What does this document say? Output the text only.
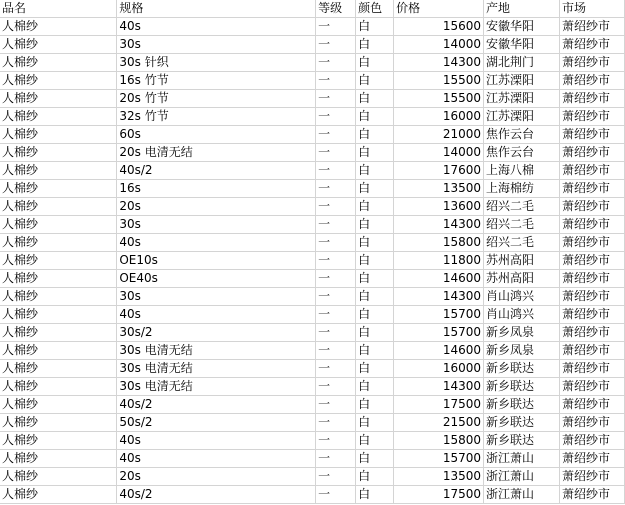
品名	规格	等级	颜色	价格	产地	市场
人棉纱	40s	一	白	15600	安徽华阳	萧绍纱市
人棉纱	30s	一	白	14000	安徽华阳	萧绍纱市
人棉纱	30s 针织	一	白	14300	湖北荆门	萧绍纱市
人棉纱	16s 竹节	一	白	15500	江苏溧阳	萧绍纱市
人棉纱	20s 竹节	一	白	15500	江苏溧阳	萧绍纱市
人棉纱	32s 竹节	一	白	16000	江苏溧阳	萧绍纱市
人棉纱	60s	一	白	21000	焦作云台	萧绍纱市
人棉纱	20s 电清无结	一	白	14000	焦作云台	萧绍纱市
人棉纱	40s/2	一	白	17600	上海八棉	萧绍纱市
人棉纱	16s	一	白	13500	上海棉纺	萧绍纱市
人棉纱	20s	一	白	13600	绍兴二毛	萧绍纱市
人棉纱	30s	一	白	14300	绍兴二毛	萧绍纱市
人棉纱	40s	一	白	15800	绍兴二毛	萧绍纱市
人棉纱	OE10s	一	白	11800	苏州高阳	萧绍纱市
人棉纱	OE40s	一	白	14600	苏州高阳	萧绍纱市
人棉纱	30s	一	白	14300	肖山鸿兴	萧绍纱市
人棉纱	40s	一	白	15700	肖山鸿兴	萧绍纱市
人棉纱	30s/2	一	白	15700	新乡凤泉	萧绍纱市
人棉纱	30s 电清无结	一	白	14600	新乡凤泉	萧绍纱市
人棉纱	30s 电清无结	一	白	16000	新乡联达	萧绍纱市
人棉纱	30s 电清无结	一	白	14300	新乡联达	萧绍纱市
人棉纱	40s/2	一	白	17500	新乡联达	萧绍纱市
人棉纱	50s/2	一	白	21500	新乡联达	萧绍纱市
人棉纱	40s	一	白	15800	新乡联达	萧绍纱市
人棉纱	40s	一	白	15700	浙江萧山	萧绍纱市
人棉纱	20s	一	白	13500	浙江萧山	萧绍纱市
人棉纱	40s/2	一	白	17500	浙江萧山	萧绍纱市
